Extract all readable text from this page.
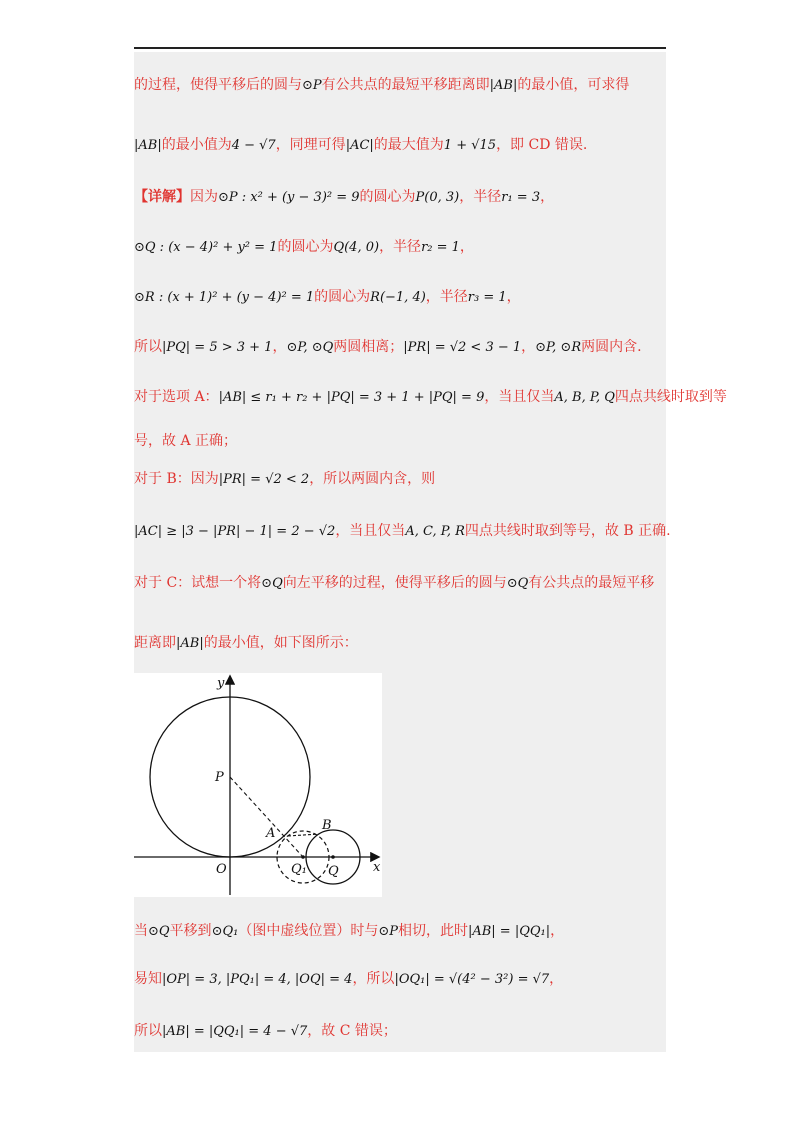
的过程，使得平移后的圆与⊙P有公共点的最短平移距离即|AB|的最小值，可求得
|AB|的最小值为4 − √7，同理可得|AC|的最大值为1 + √15，即 CD 错误.
【详解】因为⊙P : x² + (y − 3)² = 9的圆心为P(0, 3)，半径r₁ = 3，
⊙Q : (x − 4)² + y² = 1的圆心为Q(4, 0)，半径r₂ = 1，
⊙R : (x + 1)² + (y − 4)² = 1的圆心为R(−1, 4)，半径r₃ = 1，
所以|PQ| = 5 > 3 + 1，⊙P, ⊙Q两圆相离；|PR| = √2 < 3 − 1，⊙P, ⊙R两圆内含.
对于选项 A：|AB| ≤ r₁ + r₂ + |PQ| = 3 + 1 + |PQ| = 9，当且仅当A, B, P, Q四点共线时取到等
号，故 A 正确；
对于 B：因为|PR| = √2 < 2，所以两圆内含，则
|AC| ≥ |3 − |PR| − 1| = 2 − √2，当且仅当A, C, P, R四点共线时取到等号，故 B 正确.
对于 C：试想一个将⊙Q向左平移的过程，使得平移后的圆与⊙Q有公共点的最短平移
距离即|AB|的最小值，如下图所示：
y
x
P
O
A
B
Q₁ Q
当⊙Q平移到⊙Q₁（图中虚线位置）时与⊙P相切，此时|AB| = |QQ₁|，
易知|OP| = 3, |PQ₁| = 4, |OQ| = 4，所以|OQ₁| = √(4² − 3²) = √7，
所以|AB| = |QQ₁| = 4 − √7，故 C 错误；
